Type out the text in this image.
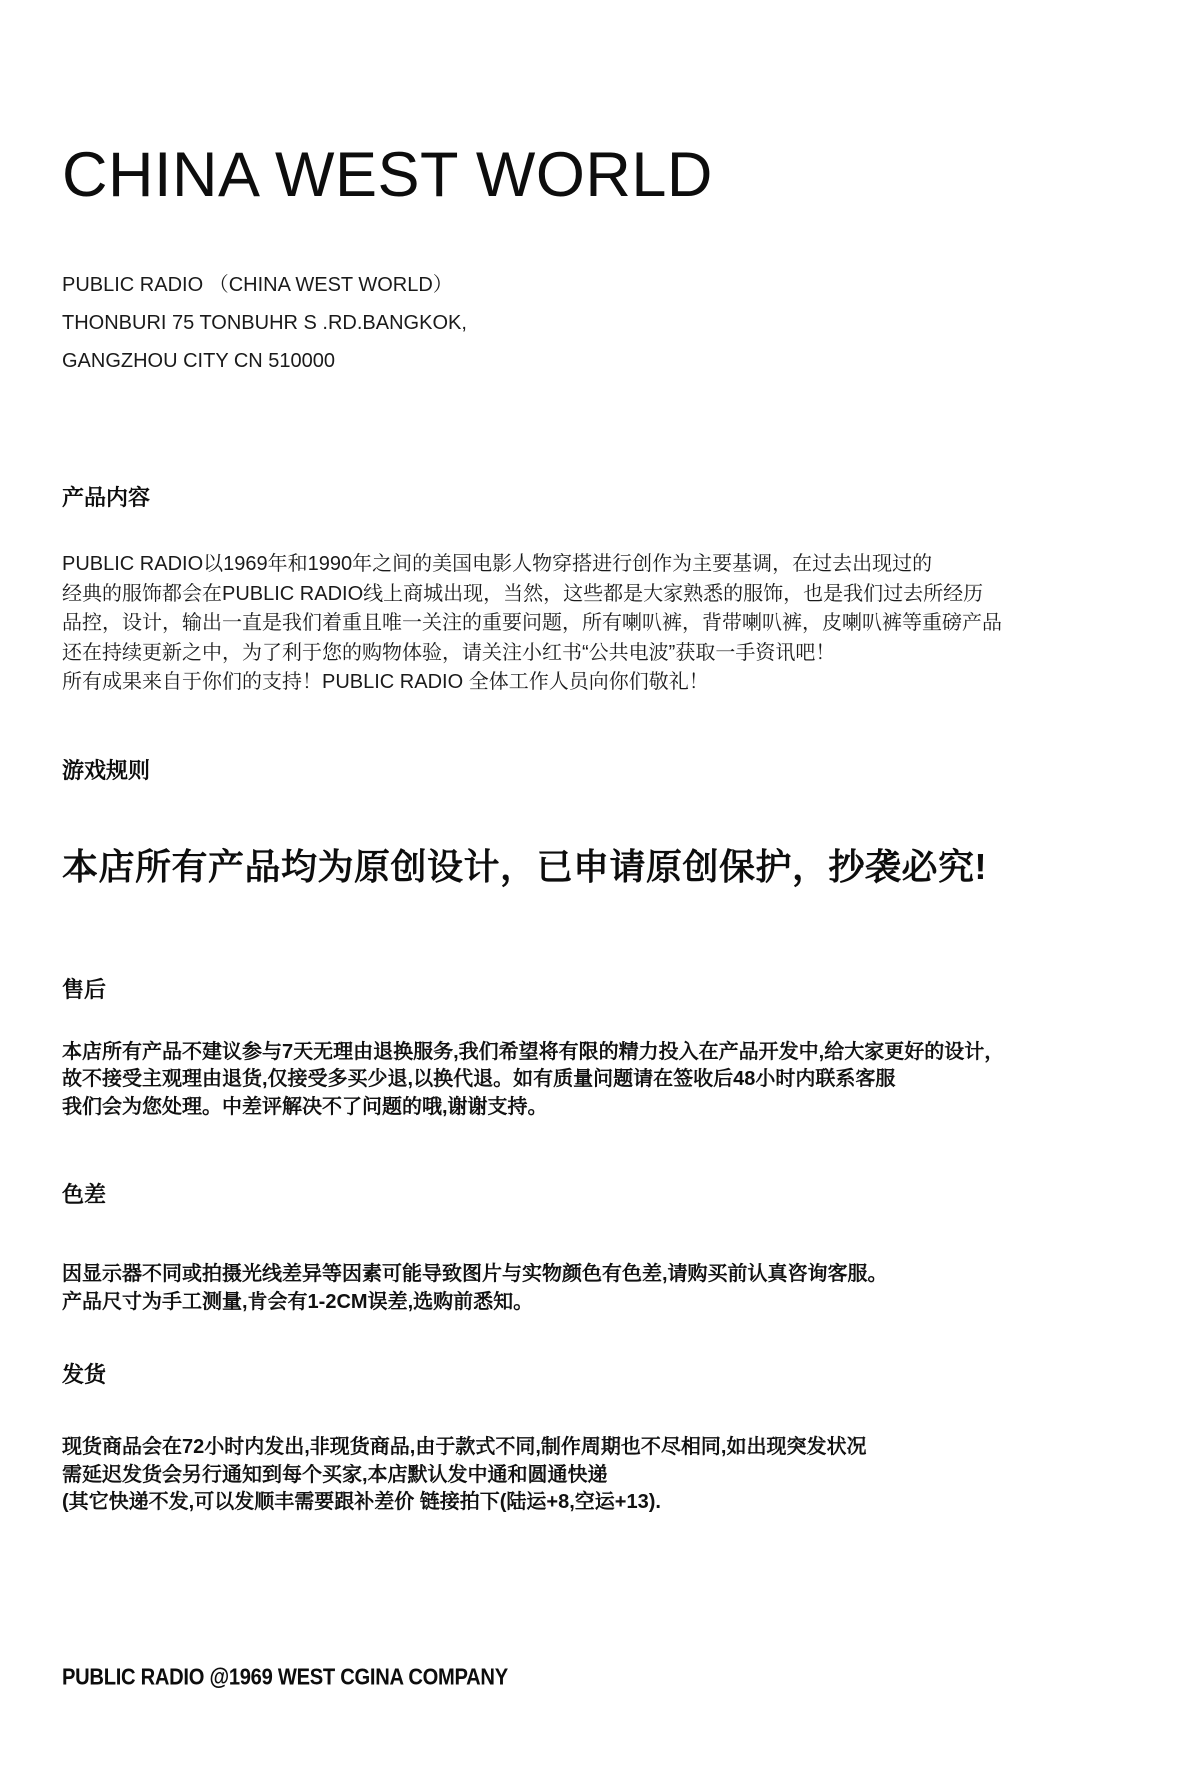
CHINA WEST WORLD
PUBLIC RADIO （CHINA WEST WORLD）
THONBURI 75 TONBUHR S .RD.BANGKOK,
GANGZHOU CITY CN 510000
产品内容
PUBLIC RADIO以1969年和1990年之间的美国电影人物穿搭进行创作为主要基调，在过去出现过的
经典的服饰都会在PUBLIC RADIO线上商城出现，当然，这些都是大家熟悉的服饰，也是我们过去所经历
品控，设计，输出一直是我们着重且唯一关注的重要问题，所有喇叭裤，背带喇叭裤，皮喇叭裤等重磅产品
还在持续更新之中，为了利于您的购物体验，请关注小红书“公共电波”获取一手资讯吧！
所有成果来自于你们的支持！PUBLIC RADIO 全体工作人员向你们敬礼！
游戏规则
本店所有产品均为原创设计，已申请原创保护，抄袭必究!
售后
本店所有产品不建议参与7天无理由退换服务,我们希望将有限的精力投入在产品开发中,给大家更好的设计，
故不接受主观理由退货,仅接受多买少退,以换代退。如有质量问题请在签收后48小时内联系客服
我们会为您处理。中差评解决不了问题的哦,谢谢支持。
色差
因显示器不同或拍摄光线差异等因素可能导致图片与实物颜色有色差,请购买前认真咨询客服。
产品尺寸为手工测量,肯会有1-2CM误差,选购前悉知。
发货
现货商品会在72小时内发出,非现货商品,由于款式不同,制作周期也不尽相同,如出现突发状况
需延迟发货会另行通知到每个买家,本店默认发中通和圆通快递
(其它快递不发,可以发顺丰需要跟补差价 链接拍下(陆运+8,空运+13).
PUBLIC RADIO @1969 WEST CGINA COMPANY
